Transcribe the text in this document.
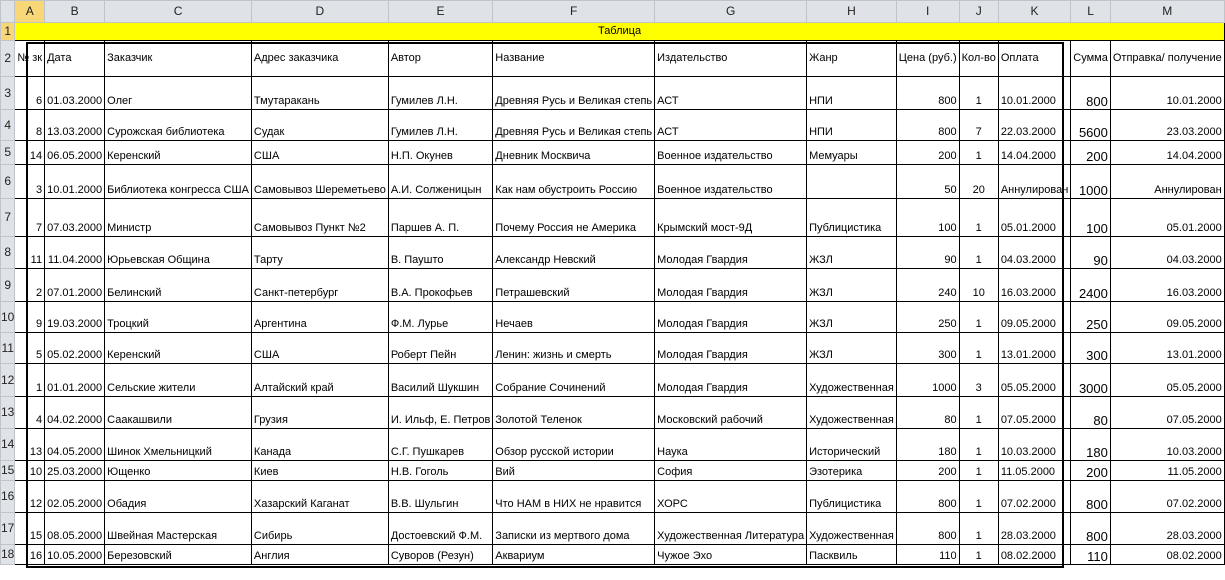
	A	B	C	D	E	F	G	H	I	J	K	L	M
1	Таблица												
2	№ зк	Дата	Заказчик	Адрес заказчика	Автор	Название	Издательство	Жанр	Цена (руб.)	Кол-во	Оплата	Сумма	Отправка/ получение
3	6	01.03.2000	Олег	Тмутаракань	Гумилев Л.Н.	Древняя Русь и Великая степь	АСТ	НПИ	800	1	10.01.2000	800	10.01.2000
4	8	13.03.2000	Сурожская библиотека	Судак	Гумилев Л.Н.	Древняя Русь и Великая степь	АСТ	НПИ	800	7	22.03.2000	5600	23.03.2000
5	14	06.05.2000	Керенский	США	Н.П. Окунев	Дневник Москвича	Военное издательство	Мемуары	200	1	14.04.2000	200	14.04.2000
6	3	10.01.2000	Библиотека конгресса США	Самовывоз Шереметьево	А.И. Солженицын	Как нам обустроить Россию	Военное издательство		50	20	Аннулирован	1000	Аннулирован
7	7	07.03.2000	Министр	Самовывоз Пункт №2	Паршев А. П.	Почему Россия не Америка	Крымский мост-9Д	Публицистика	100	1	05.01.2000	100	05.01.2000
8	11	11.04.2000	Юрьевская Община	Тарту	В. Паушто	Александр Невский	Молодая Гвардия	ЖЗЛ	90	1	04.03.2000	90	04.03.2000
9	2	07.01.2000	Белинский	Санкт-петербург	В.А. Прокофьев	Петрашевский	Молодая Гвардия	ЖЗЛ	240	10	16.03.2000	2400	16.03.2000
10	9	19.03.2000	Троцкий	Аргентина	Ф.М. Лурье	Нечаев	Молодая Гвардия	ЖЗЛ	250	1	09.05.2000	250	09.05.2000
11	5	05.02.2000	Керенский	США	Роберт Пейн	Ленин: жизнь и смерть	Молодая Гвардия	ЖЗЛ	300	1	13.01.2000	300	13.01.2000
12	1	01.01.2000	Сельские жители	Алтайский край	Василий Шукшин	Собрание Сочинений	Молодая Гвардия	Художественная	1000	3	05.05.2000	3000	05.05.2000
13	4	04.02.2000	Саакашвили	Грузия	И. Ильф, Е. Петров	Золотой Теленок	Московский рабочий	Художественная	80	1	07.05.2000	80	07.05.2000
14	13	04.05.2000	Шинок Хмельницкий	Канада	С.Г. Пушкарев	Обзор русской истории	Наука	Исторический	180	1	10.03.2000	180	10.03.2000
15	10	25.03.2000	Ющенко	Киев	Н.В. Гоголь	Вий	София	Эзотерика	200	1	11.05.2000	200	11.05.2000
16	12	02.05.2000	Обадия	Хазарский Каганат	В.В. Шульгин	Что НАМ в НИХ не нравится	ХОРС	Публицистика	800	1	07.02.2000	800	07.02.2000
17	15	08.05.2000	Швейная Мастерская	Сибирь	Достоевский Ф.М.	Записки из мертвого дома	Художественная Литература	Художественная	800	1	28.03.2000	800	28.03.2000
18	16	10.05.2000	Березовский	Англия	Суворов (Резун)	Аквариум	Чужое Эхо	Пасквиль	110	1	08.02.2000	110	08.02.2000
